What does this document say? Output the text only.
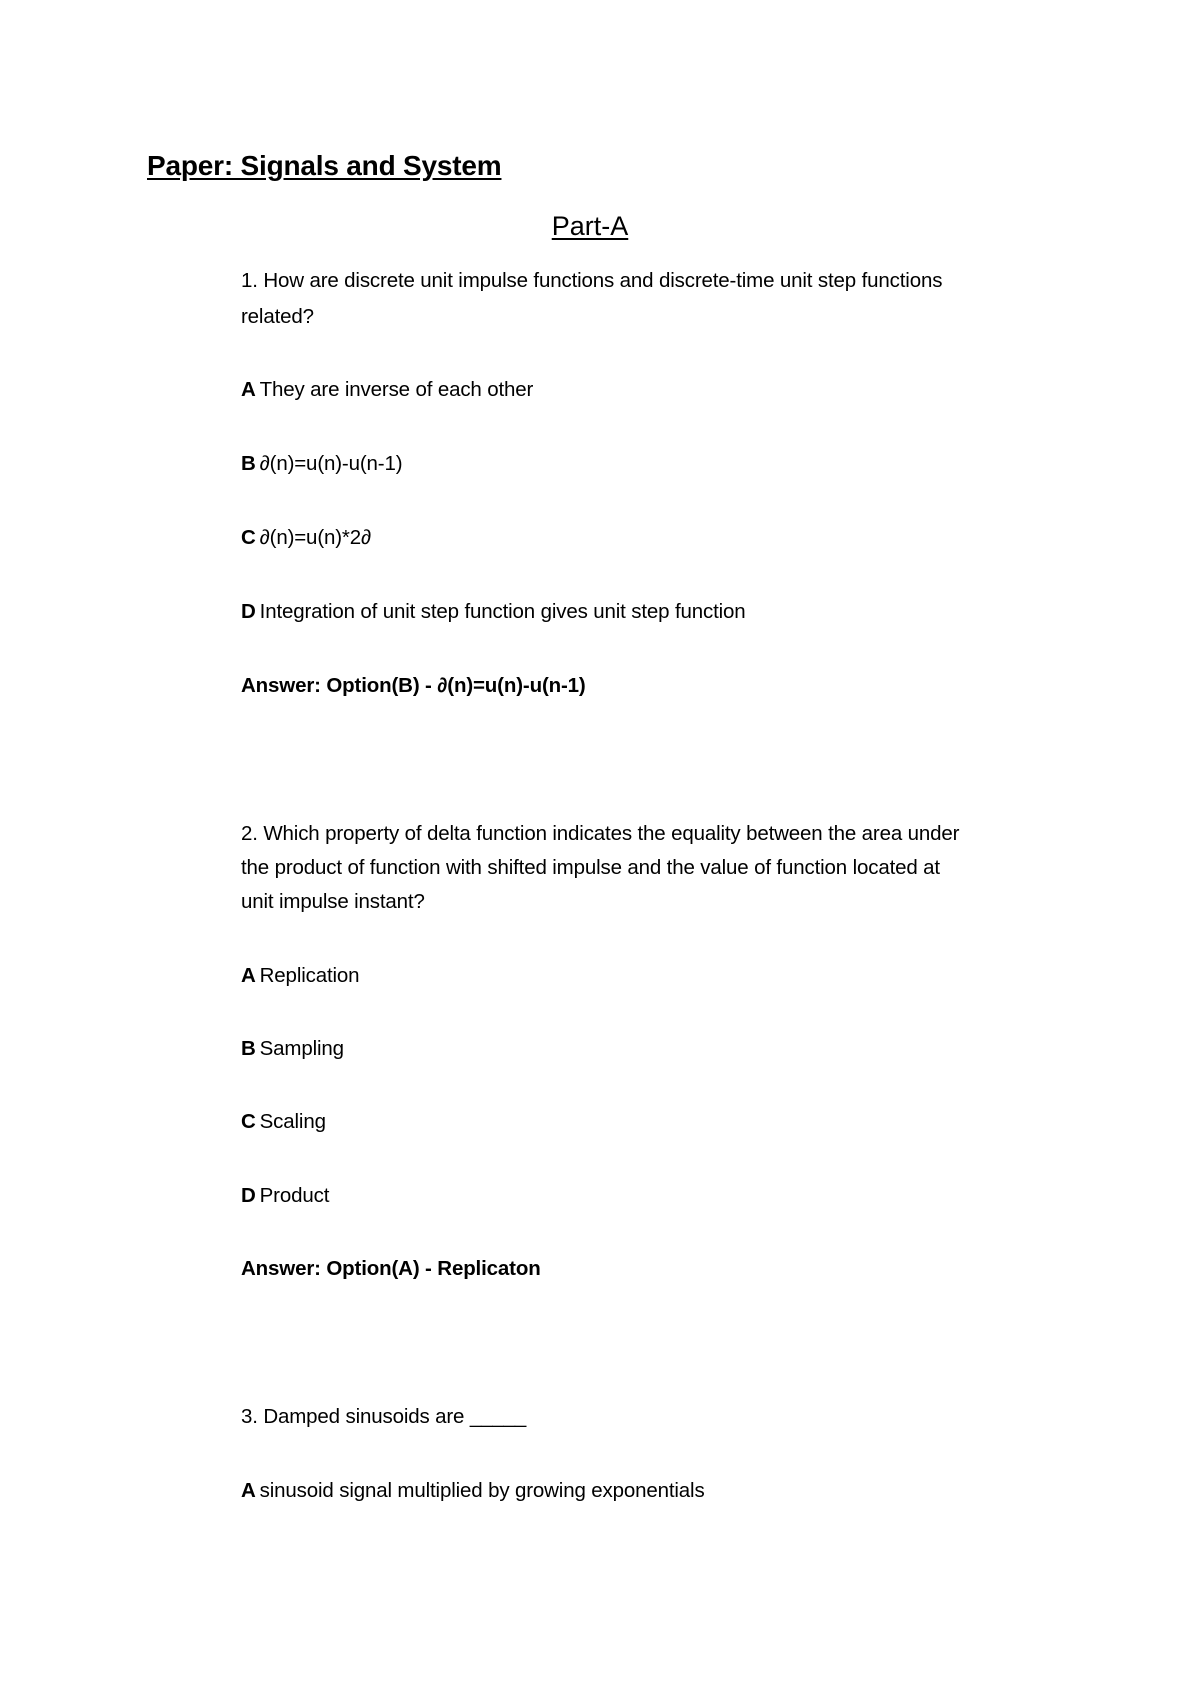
Paper: Signals and System
Part-A
1. How are discrete unit impulse functions and discrete-time unit step functions
related?
A They are inverse of each other
B ∂(n)=u(n)-u(n-1)
C ∂(n)=u(n)*2∂
D Integration of unit step function gives unit step function
Answer: Option(B) - ∂(n)=u(n)-u(n-1)
2. Which property of delta function indicates the equality between the area under
the product of function with shifted impulse and the value of function located at
unit impulse instant?
A Replication
B Sampling
C Scaling
D Product
Answer: Option(A) - Replicaton
3. Damped sinusoids are _____
A sinusoid signal multiplied by growing exponentials
